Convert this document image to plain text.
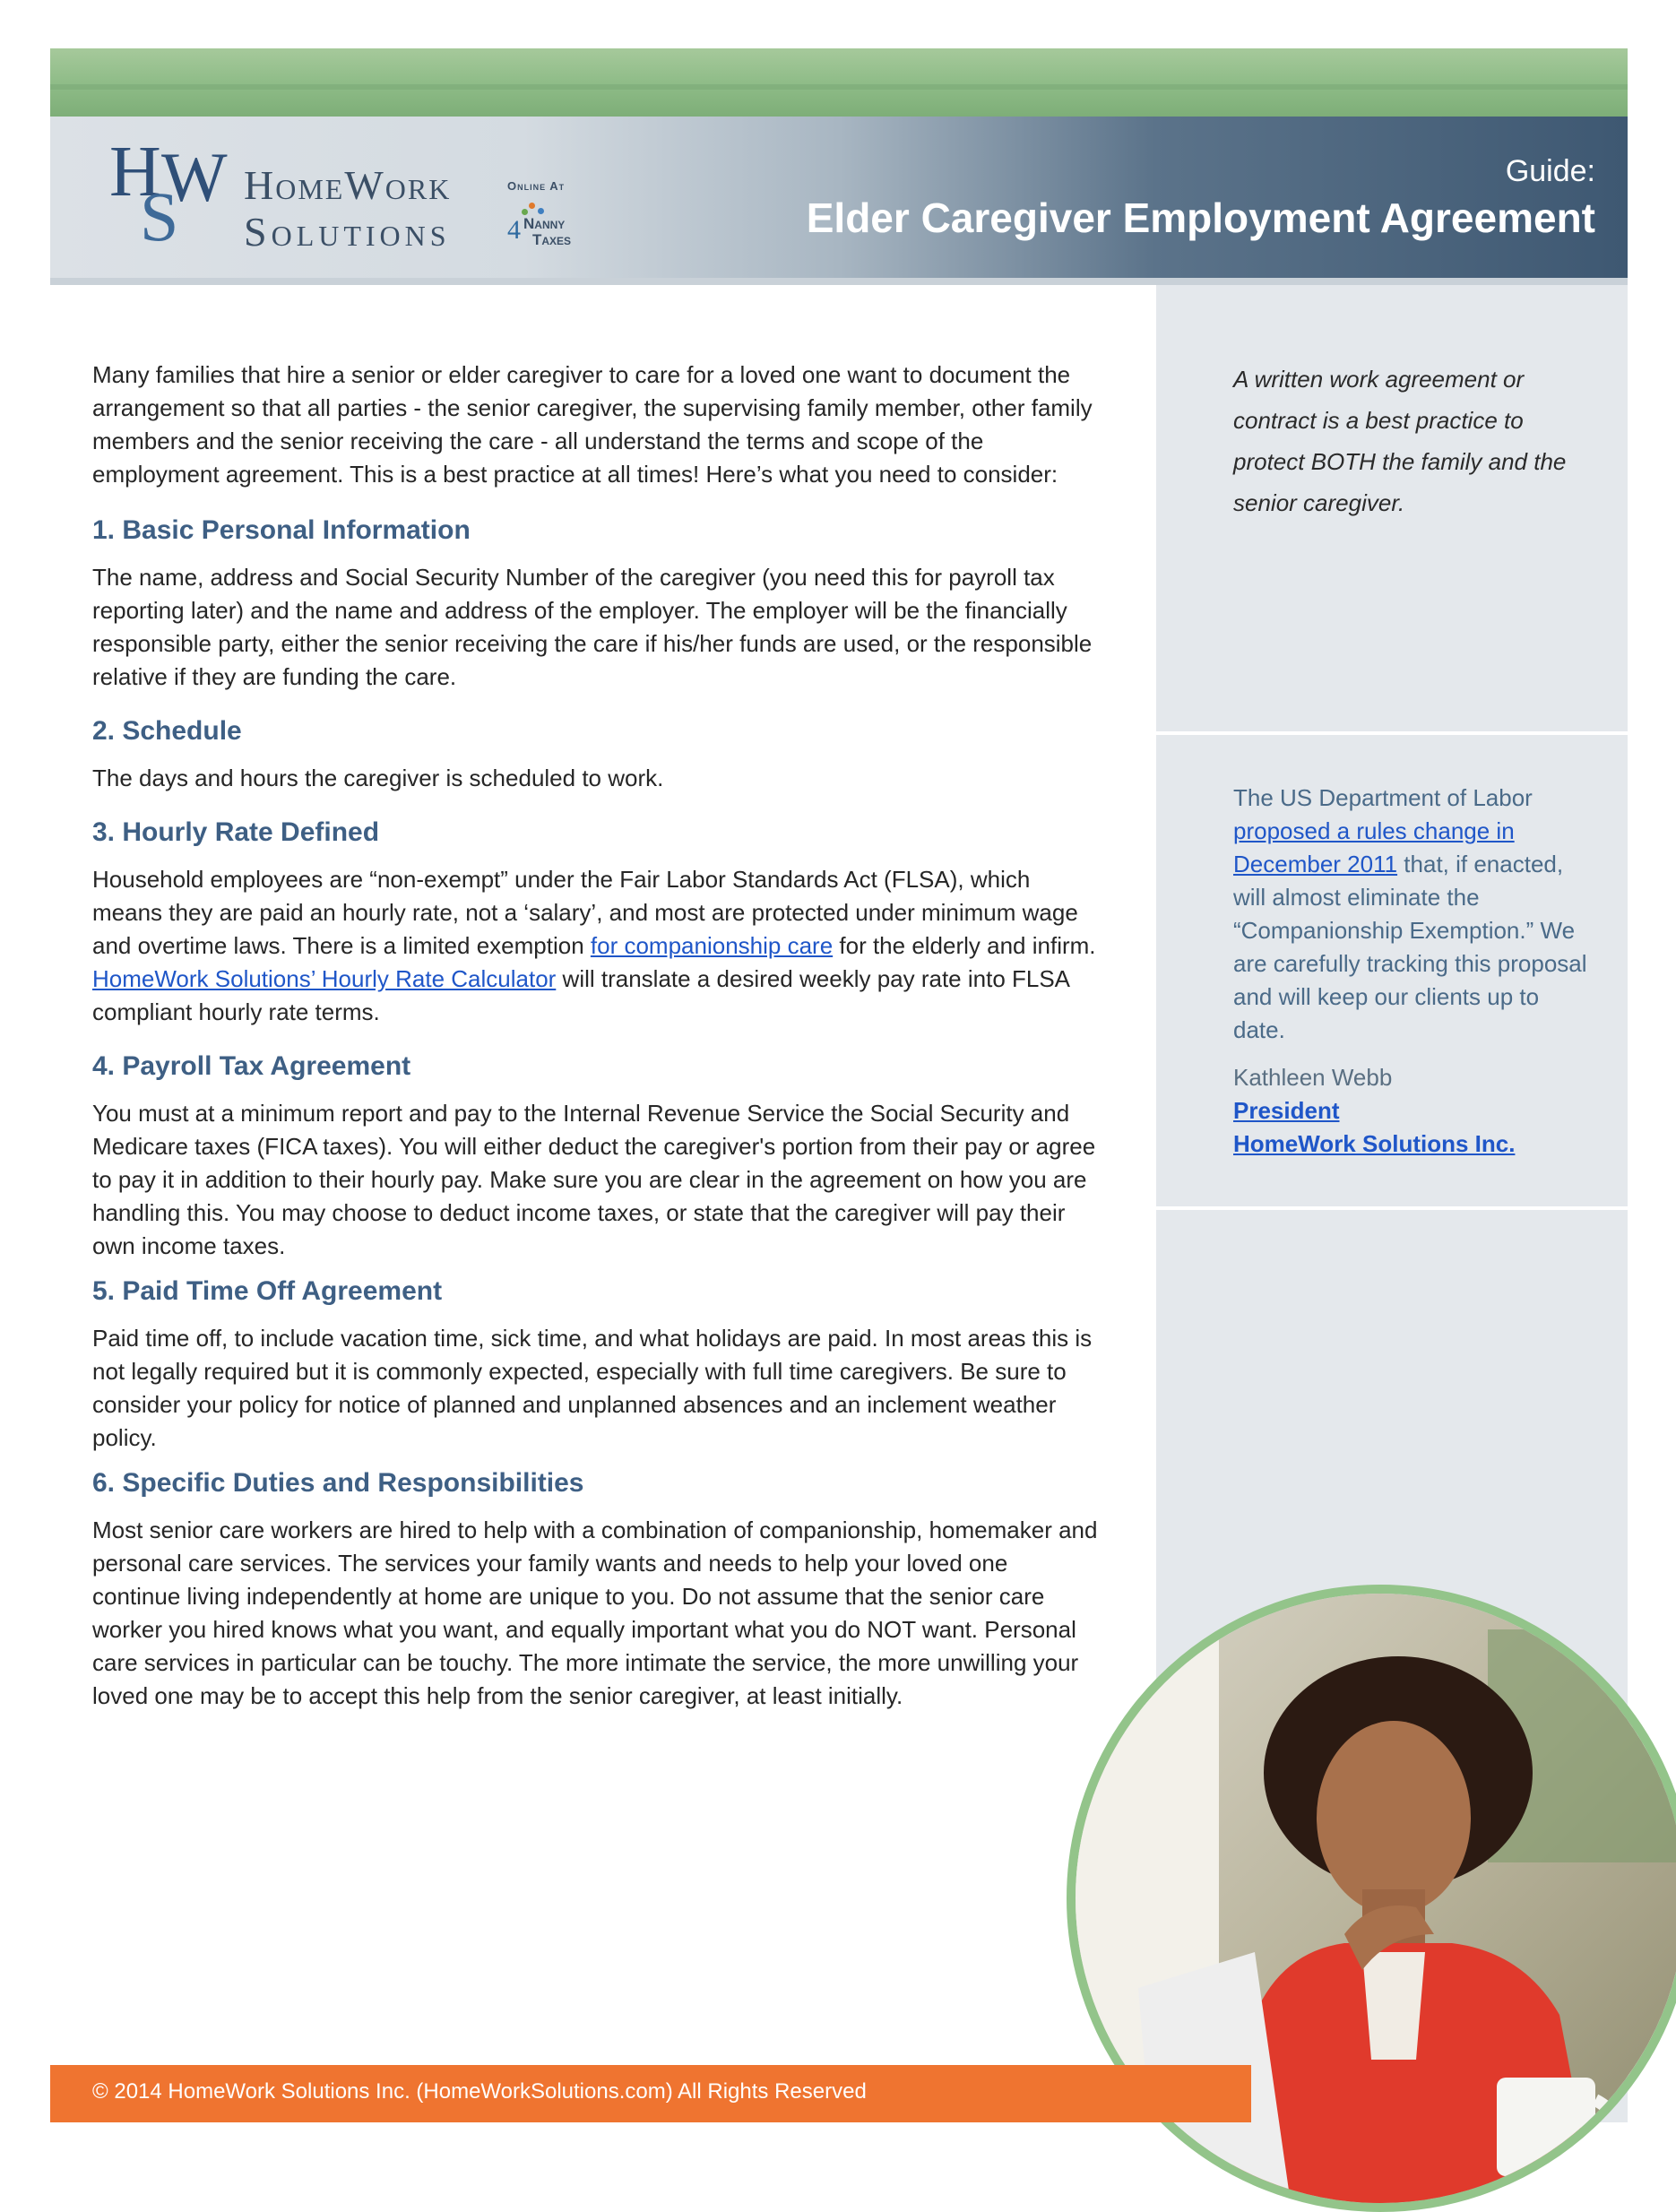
H
S
W HomeWork
Solutions
Online At
4 Nanny
Taxes
Guide:
Elder Caregiver Employment Agreement
A written work agreement or contract is a best practice to protect BOTH the family and the senior caregiver.
The US Department of Labor proposed a rules change in December 2011 that, if enacted, will almost eliminate the “Companionship Exemption.” We are carefully tracking this proposal and will keep our clients up to date.
Kathleen Webb
President
HomeWork Solutions Inc.

Many families that hire a senior or elder caregiver to care for a loved one want to document the arrangement so that all parties - the senior caregiver, the supervising family member, other family members and the senior receiving the care - all understand the terms and scope of the employment agreement. This is a best practice at all times! Here’s what you need to consider:

1. Basic Personal Information

The name, address and Social Security Number of the caregiver (you need this for payroll tax reporting later) and the name and address of the employer. The employer will be the financially responsible party, either the senior receiving the care if his/her funds are used, or the responsible relative if they are funding the care.

2. Schedule

The days and hours the caregiver is scheduled to work.

3. Hourly Rate Defined

Household employees are “non-exempt” under the Fair Labor Standards Act (FLSA), which means they are paid an hourly rate, not a ‘salary’, and most are protected under minimum wage and overtime laws. There is a limited exemption for companionship care for the elderly and infirm. HomeWork Solutions’ Hourly Rate Calculator will translate a desired weekly pay rate into FLSA compliant hourly rate terms.

4. Payroll Tax Agreement

You must at a minimum report and pay to the Internal Revenue Service the Social Security and Medicare taxes (FICA taxes). You will either deduct the caregiver's portion from their pay or agree to pay it in addition to their hourly pay. Make sure you are clear in the agreement on how you are handling this. You may choose to deduct income taxes, or state that the caregiver will pay their own income taxes.

5. Paid Time Off Agreement

Paid time off, to include vacation time, sick time, and what holidays are paid. In most areas this is not legally required but it is commonly expected, especially with full time caregivers. Be sure to consider your policy for notice of planned and unplanned absences and an inclement weather policy.

6. Specific Duties and Responsibilities

Most senior care workers are hired to help with a combination of companionship, homemaker and personal care services. The services your family wants and needs to help your loved one continue living independently at home are unique to you. Do not assume that the senior care worker you hired knows what you want, and equally important what you do NOT want. Personal care services in particular can be touchy. The more intimate the service, the more unwilling your loved one may be to accept this help from the senior caregiver, at least initially.

© 2014 HomeWork Solutions Inc. (HomeWorkSolutions.com) All Rights Reserved
